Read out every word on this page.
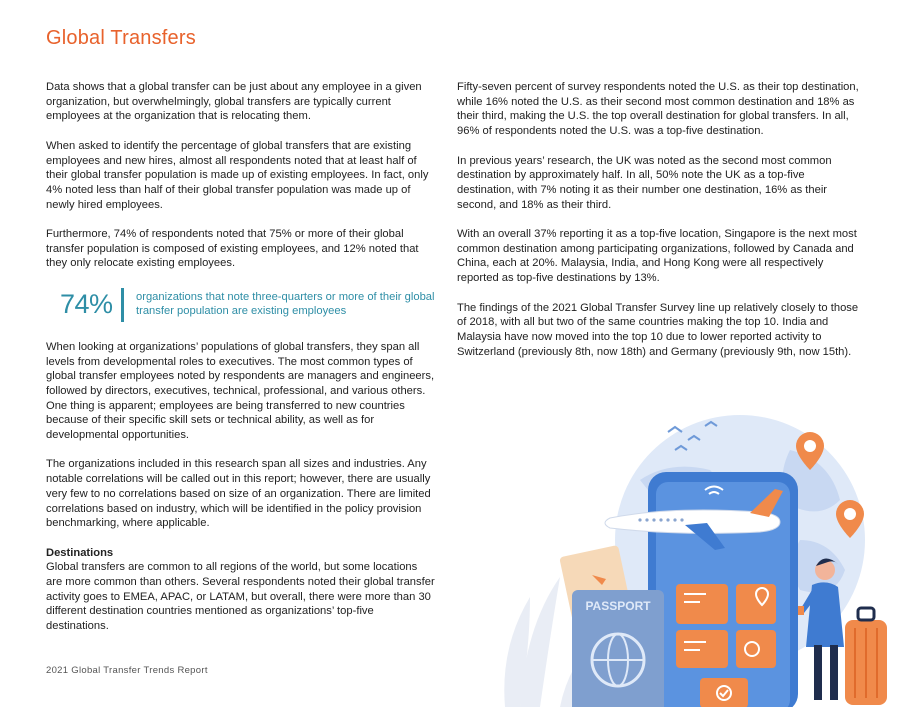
Global Transfers

Data shows that a global transfer can be just about any employee in a given organization, but overwhelmingly, global transfers are typically current employees at the organization that is relocating them.

When asked to identify the percentage of global transfers that are existing employees and new hires, almost all respondents noted that at least half of their global transfer population is made up of existing employees. In fact, only 4% noted less than half of their global transfer population was made up of newly hired employees.

Furthermore, 74% of respondents noted that 75% or more of their global transfer population is composed of existing employees, and 12% noted that they only relocate existing employees.

74% organizations that note three-quarters or more of their global transfer population are existing employees

When looking at organizations’ populations of global transfers, they span all levels from developmental roles to executives. The most common types of global transfer employees noted by respondents are managers and engineers, followed by directors, executives, technical, professional, and various others. One thing is apparent; employees are being transferred to new countries because of their specific skill sets or technical ability, as well as for developmental opportunities.

The organizations included in this research span all sizes and industries. Any notable correlations will be called out in this report; however, there are usually very few to no correlations based on size of an organization. There are limited correlations based on industry, which will be identified in the policy provision benchmarking, where applicable.

Destinations

Global transfers are common to all regions of the world, but some locations are more common than others. Several respondents noted their global transfer activity goes to EMEA, APAC, or LATAM, but overall, there were more than 30 different destination countries mentioned as organizations’ top-five destinations.

Fifty-seven percent of survey respondents noted the U.S. as their top destination, while 16% noted the U.S. as their second most common destination and 18% as their third, making the U.S. the top overall destination for global transfers. In all, 96% of respondents noted the U.S. was a top-five destination.

In previous years’ research, the UK was noted as the second most common destination by approximately half. In all, 50% note the UK as a top-five destination, with 7% noting it as their number one destination, 16% as their second, and 18% as their third.

With an overall 37% reporting it as a top-five location, Singapore is the next most common destination among participating organizations, followed by Canada and China, each at 20%. Malaysia, India, and Hong Kong were all respectively reported as top-five destinations by 13%.

The findings of the 2021 Global Transfer Survey line up relatively closely to those of 2018, with all but two of the same countries making the top 10. India and Malaysia have now moved into the top 10 due to lower reported activity to Switzerland (previously 8th, now 18th) and Germany (previously 9th, now 15th).

PASSPORT
2021 Global Transfer Trends Report
